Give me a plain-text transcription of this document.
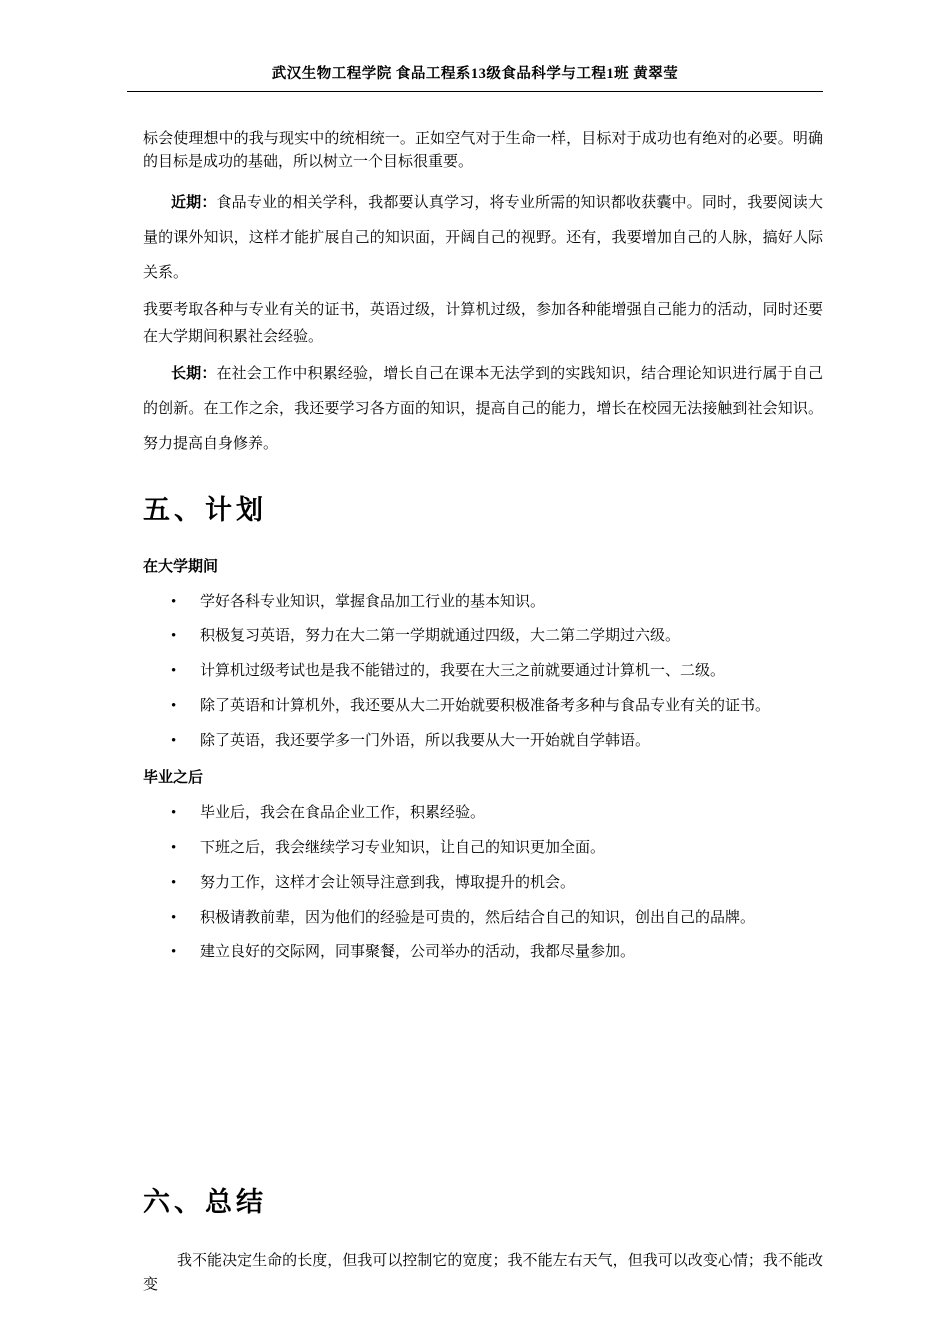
武汉生物工程学院 食品工程系13级食品科学与工程1班 黄翠莹

标会使理想中的我与现实中的统相统一。正如空气对于生命一样，目标对于成功也有绝对的必要。明确的目标是成功的基础，所以树立一个目标很重要。

近期：食品专业的相关学科，我都要认真学习，将专业所需的知识都收获囊中。同时，我要阅读大量的课外知识，这样才能扩展自己的知识面，开阔自己的视野。还有，我要增加自己的人脉，搞好人际关系。

我要考取各种与专业有关的证书，英语过级，计算机过级，参加各种能增强自己能力的活动，同时还要在大学期间积累社会经验。

长期：在社会工作中积累经验，增长自己在课本无法学到的实践知识，结合理论知识进行属于自己的创新。在工作之余，我还要学习各方面的知识，提高自己的能力，增长在校园无法接触到社会知识。努力提高自身修养。

五、计划
在大学期间
• 学好各科专业知识，掌握食品加工行业的基本知识。
• 积极复习英语，努力在大二第一学期就通过四级，大二第二学期过六级。
• 计算机过级考试也是我不能错过的，我要在大三之前就要通过计算机一、二级。
• 除了英语和计算机外，我还要从大二开始就要积极准备考多种与食品专业有关的证书。
• 除了英语，我还要学多一门外语，所以我要从大一开始就自学韩语。
毕业之后
• 毕业后，我会在食品企业工作，积累经验。
• 下班之后，我会继续学习专业知识，让自己的知识更加全面。
• 努力工作，这样才会让领导注意到我，博取提升的机会。
• 积极请教前辈，因为他们的经验是可贵的，然后结合自己的知识，创出自己的品牌。
• 建立良好的交际网，同事聚餐，公司举办的活动，我都尽量参加。
六、总结

我不能决定生命的长度，但我可以控制它的宽度；我不能左右天气，但我可以改变心情；我不能改变
